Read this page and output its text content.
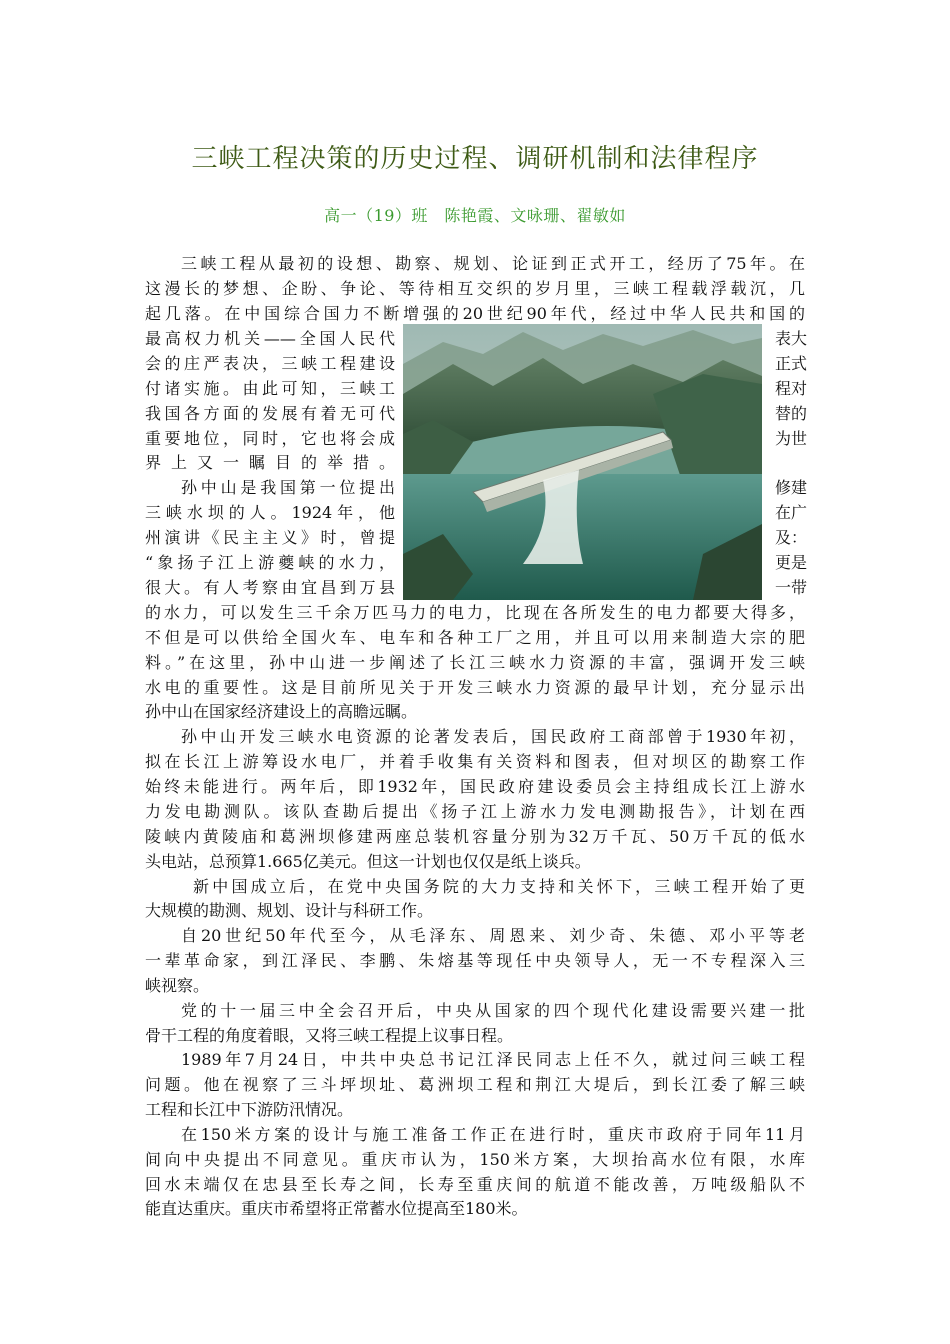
三峡工程决策的历史过程、调研机制和法律程序
高一（19）班　陈艳霞、文咏珊、翟敏如
三峡工程从最初的设想、勘察、规划、论证到正式开工，经历了75年。在
这漫长的梦想、企盼、争论、等待相互交织的岁月里，三峡工程载浮载沉，几
起几落。在中国综合国力不断增强的20世纪90年代，经过中华人民共和国的
最高权力机关——全国人民代	表大
会的庄严表决，三峡工程建设	正式
付诸实施。由此可知，三峡工	程对
我国各方面的发展有着无可代	替的
重要地位，同时，它也将会成	为世
界上又一瞩目的举措。
孙中山是我国第一位提出	修建
三峡水坝的人。1924年，他	在广
州演讲《民主主义》时，曾提	及：
“象扬子江上游夔峡的水力，	更是
很大。有人考察由宜昌到万县	一带
的水力，可以发生三千余万匹马力的电力，比现在各所发生的电力都要大得多，
不但是可以供给全国火车、电车和各种工厂之用，并且可以用来制造大宗的肥
料。”在这里，孙中山进一步阐述了长江三峡水力资源的丰富，强调开发三峡
水电的重要性。这是目前所见关于开发三峡水力资源的最早计划，充分显示出
孙中山在国家经济建设上的高瞻远瞩。
孙中山开发三峡水电资源的论著发表后，国民政府工商部曾于1930年初，
拟在长江上游筹设水电厂，并着手收集有关资料和图表，但对坝区的勘察工作
始终未能进行。两年后，即1932年，国民政府建设委员会主持组成长江上游水
力发电勘测队。该队查勘后提出《扬子江上游水力发电测勘报告》，计划在西
陵峡内黄陵庙和葛洲坝修建两座总装机容量分别为32万千瓦、50万千瓦的低水
头电站，总预算1.665亿美元。但这一计划也仅仅是纸上谈兵。
新中国成立后，在党中央国务院的大力支持和关怀下，三峡工程开始了更
大规模的勘测、规划、设计与科研工作。
自20世纪50年代至今，从毛泽东、周恩来、刘少奇、朱德、邓小平等老
一辈革命家，到江泽民、李鹏、朱熔基等现任中央领导人，无一不专程深入三
峡视察。
党的十一届三中全会召开后，中央从国家的四个现代化建设需要兴建一批
骨干工程的角度着眼，又将三峡工程提上议事日程。
1989年7月24日，中共中央总书记江泽民同志上任不久，就过问三峡工程
问题。他在视察了三斗坪坝址、葛洲坝工程和荆江大堤后，到长江委了解三峡
工程和长江中下游防汛情况。
在150米方案的设计与施工准备工作正在进行时，重庆市政府于同年11月
间向中央提出不同意见。重庆市认为，150米方案，大坝抬高水位有限，水库
回水末端仅在忠县至长寿之间，长寿至重庆间的航道不能改善，万吨级船队不
能直达重庆。重庆市希望将正常蓄水位提高至180米。
